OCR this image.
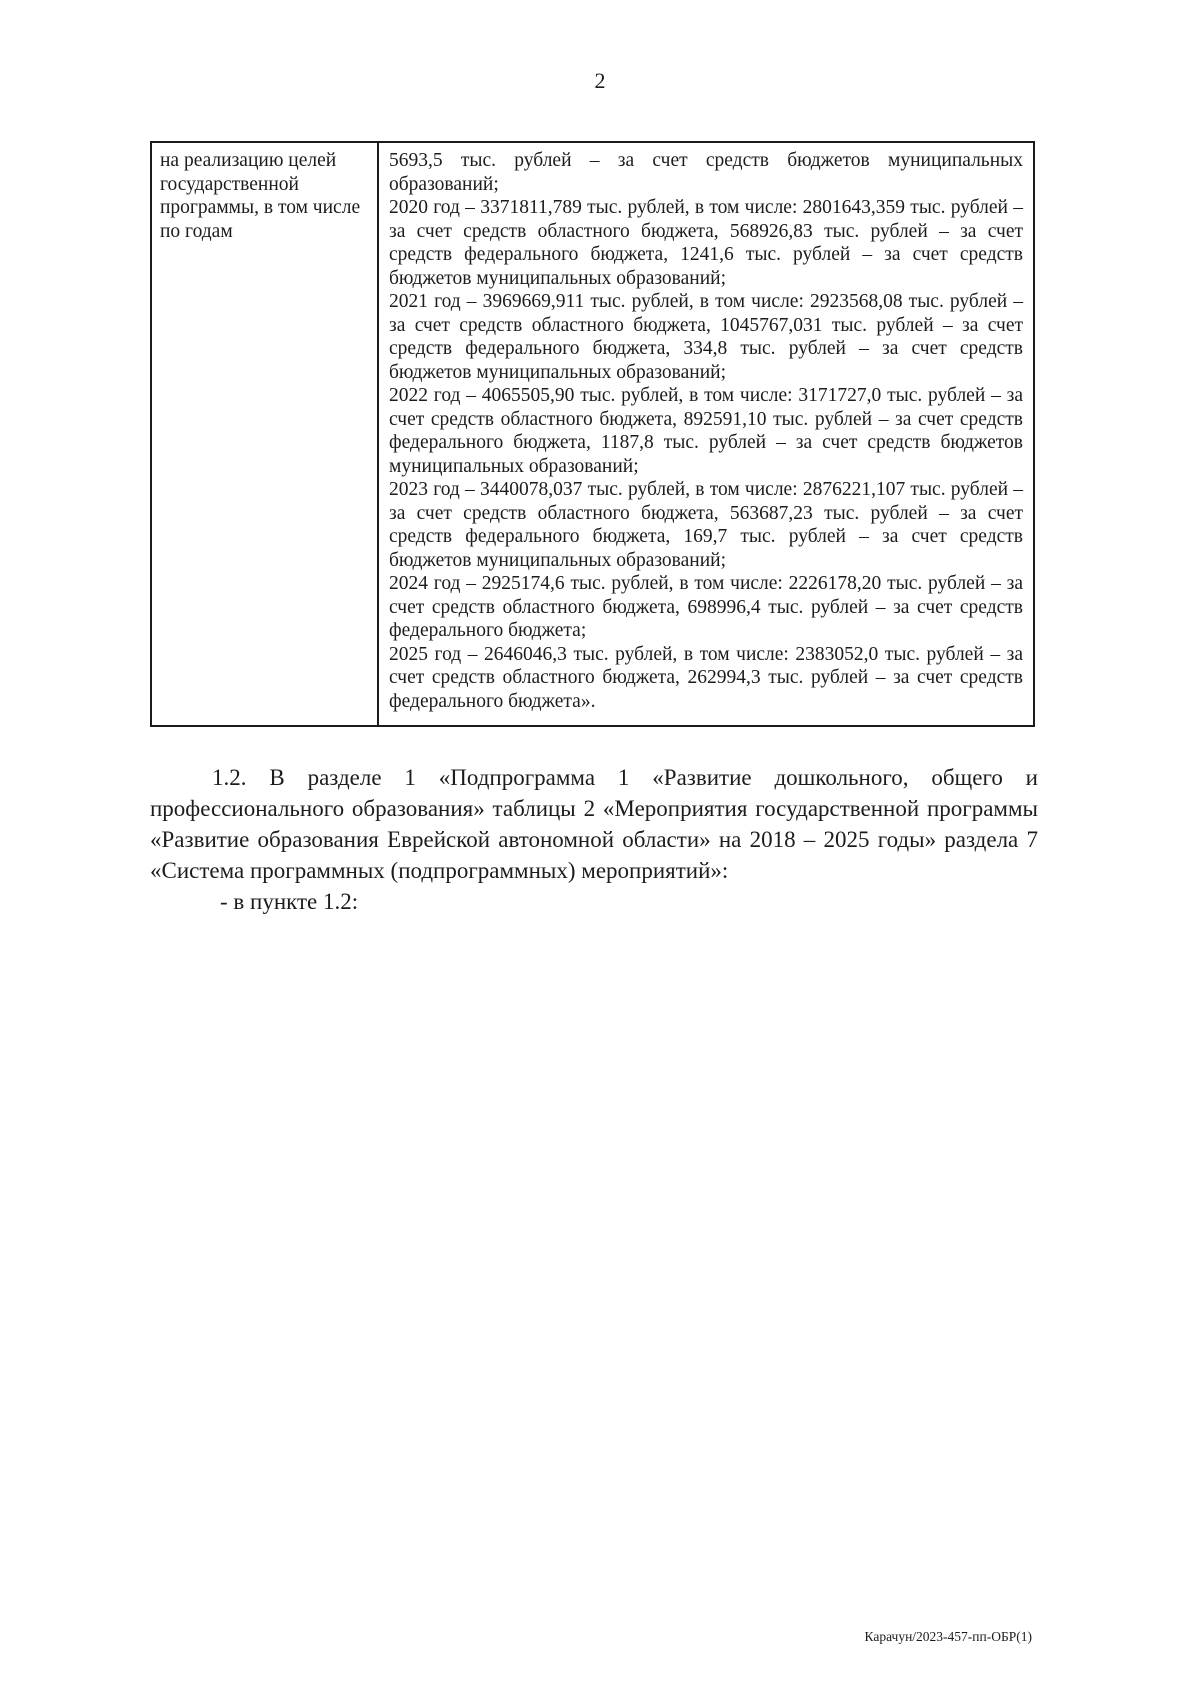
2
на реализацию целей государственной программы, в том числе по годам

5693,5 тыс. рублей – за счет средств бюджетов муниципальных образований;

2020 год – 3371811,789 тыс. рублей, в том числе: 2801643,359 тыс. рублей – за счет средств областного бюджета, 568926,83 тыс. рублей – за счет средств федерального бюджета, 1241,6 тыс. рублей – за счет средств бюджетов муниципальных образований;

2021 год – 3969669,911 тыс. рублей, в том числе: 2923568,08 тыс. рублей – за счет средств областного бюджета, 1045767,031 тыс. рублей – за счет средств федерального бюджета, 334,8 тыс. рублей – за счет средств бюджетов муниципальных образований;

2022 год – 4065505,90 тыс. рублей, в том числе: 3171727,0 тыс. рублей – за счет средств областного бюджета, 892591,10 тыс. рублей – за счет средств федерального бюджета, 1187,8 тыс. рублей – за счет средств бюджетов муниципальных образований;

2023 год – 3440078,037 тыс. рублей, в том числе: 2876221,107 тыс. рублей – за счет средств областного бюджета, 563687,23 тыс. рублей – за счет средств федерального бюджета, 169,7 тыс. рублей – за счет средств бюджетов муниципальных образований;

2024 год – 2925174,6 тыс. рублей, в том числе: 2226178,20 тыс. рублей – за счет средств областного бюджета, 698996,4 тыс. рублей – за счет средств федерального бюджета;

2025 год – 2646046,3 тыс. рублей, в том числе: 2383052,0 тыс. рублей – за счет средств областного бюджета, 262994,3 тыс. рублей – за счет средств федерального бюджета».

1.2. В разделе 1 «Подпрограмма 1 «Развитие дошкольного, общего и профессионального образования» таблицы 2 «Мероприятия государственной программы «Развитие образования Еврейской автономной области» на 2018 – 2025 годы» раздела 7 «Система программных (подпрограммных) мероприятий»:

- в пункте 1.2:

Карачун/2023-457-пп-ОБР(1)
